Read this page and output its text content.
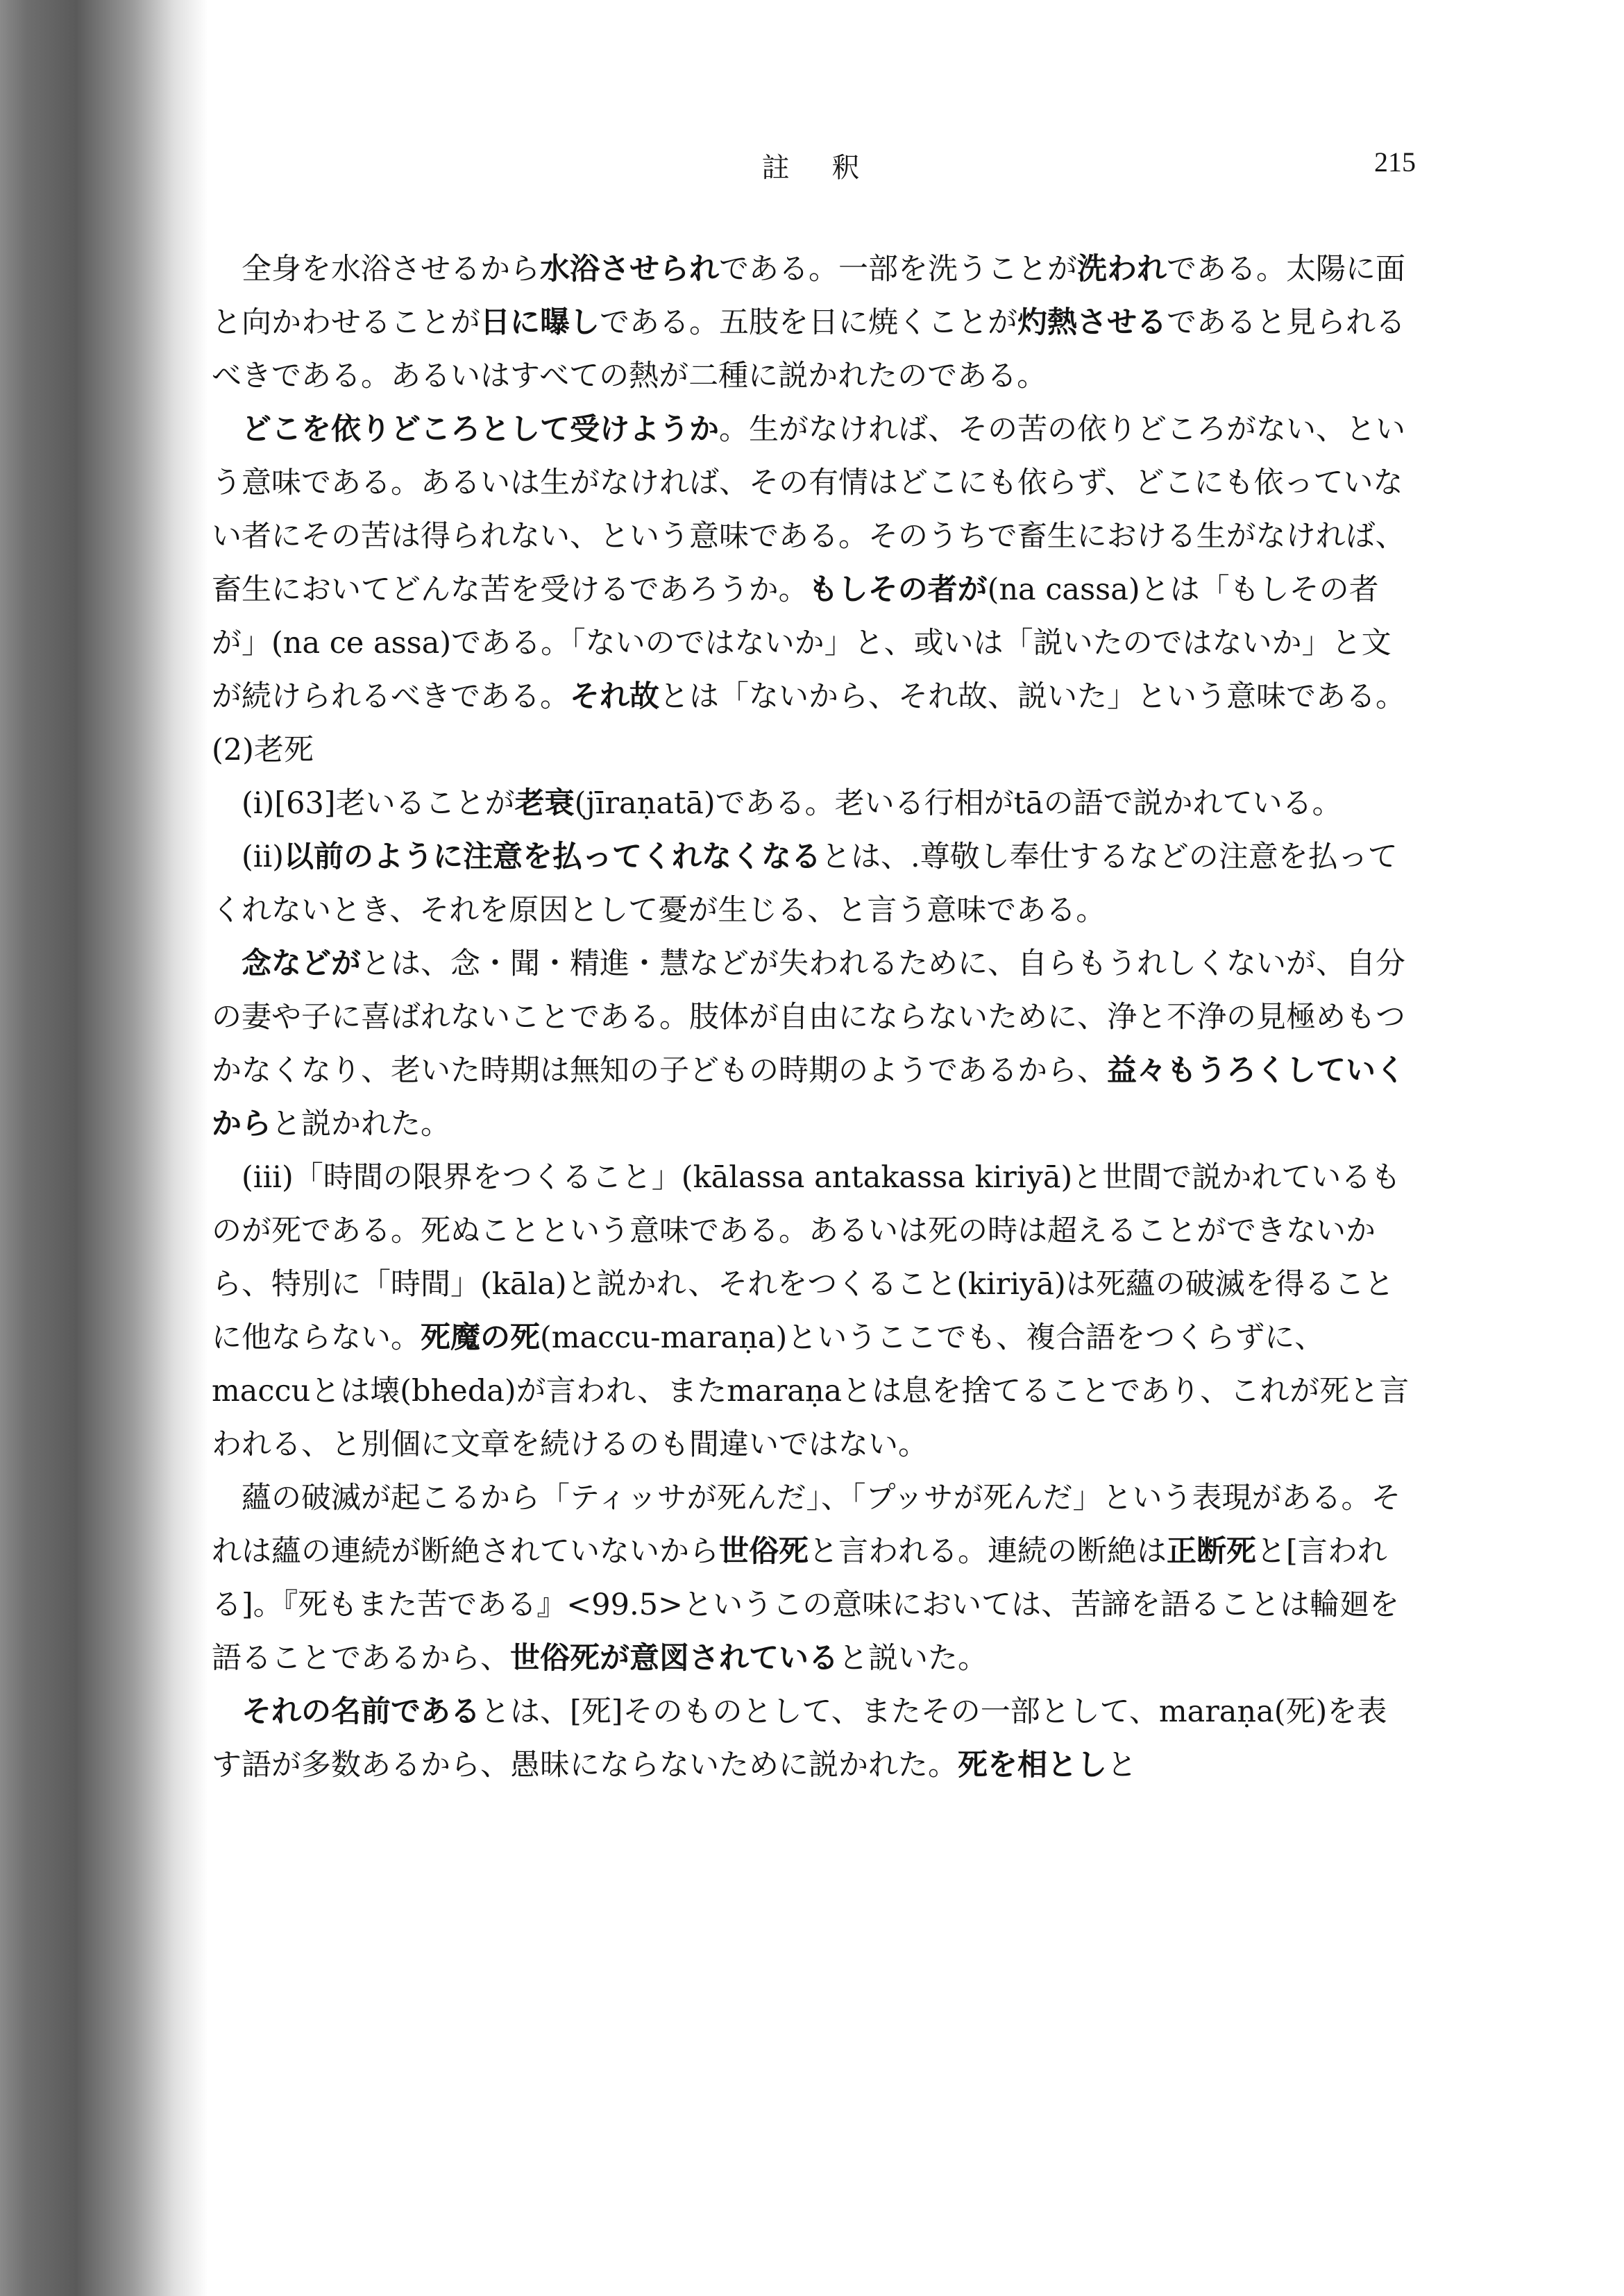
註 釈	215

全身を水浴させるから水浴させられである。一部を洗うことが洗われである。太陽に面と向かわせることが日に曝しである。五肢を日に焼くことが灼熱させるであると見られるべきである。あるいはすべての熱が二種に説かれたのである。

どこを依りどころとして受けようか。生がなければ、その苦の依りどころがない、という意味である。あるいは生がなければ、その有情はどこにも依らず、どこにも依っていない者にその苦は得られない、という意味である。そのうちで畜生における生がなければ、畜生においてどんな苦を受けるであろうか。もしその者が(na cassa)とは「もしその者が」(na ce assa)である。「ないのではないか」と、或いは「説いたのではないか」と文が続けられるべきである。それ故とは「ないから、それ故、説いた」という意味である。

(2)老死

(i)[63]老いることが老衰(jīraṇatā)である。老いる行相がtāの語で説かれている。

(ii)以前のように注意を払ってくれなくなるとは、.尊敬し奉仕するなどの注意を払ってくれないとき、それを原因として憂が生じる、と言う意味である。

念などがとは、念・聞・精進・慧などが失われるために、自らもうれしくないが、自分の妻や子に喜ばれないことである。肢体が自由にならないために、浄と不浄の見極めもつかなくなり、老いた時期は無知の子どもの時期のようであるから、益々もうろくしていくからと説かれた。

(iii)「時間の限界をつくること」(kālassa antakassa kiriyā)と世間で説かれているものが死である。死ぬことという意味である。あるいは死の時は超えることができないから、特別に「時間」(kāla)と説かれ、それをつくること(kiriyā)は死蘊の破滅を得ることに他ならない。死魔の死(maccu-maraṇa)というここでも、複合語をつくらずに、maccuとは壊(bheda)が言われ、またmaraṇaとは息を捨てることであり、これが死と言われる、と別個に文章を続けるのも間違いではない。

蘊の破滅が起こるから「ティッサが死んだ」、「プッサが死んだ」という表現がある。それは蘊の連続が断絶されていないから世俗死と言われる。連続の断絶は正断死と[言われる]。『死もまた苦である』<99.5>というこの意味においては、苦諦を語ることは輪廻を語ることであるから、世俗死が意図されていると説いた。

それの名前であるとは、[死]そのものとして、またその一部として、maraṇa(死)を表す語が多数あるから、愚昧にならないために説かれた。死を相としと
